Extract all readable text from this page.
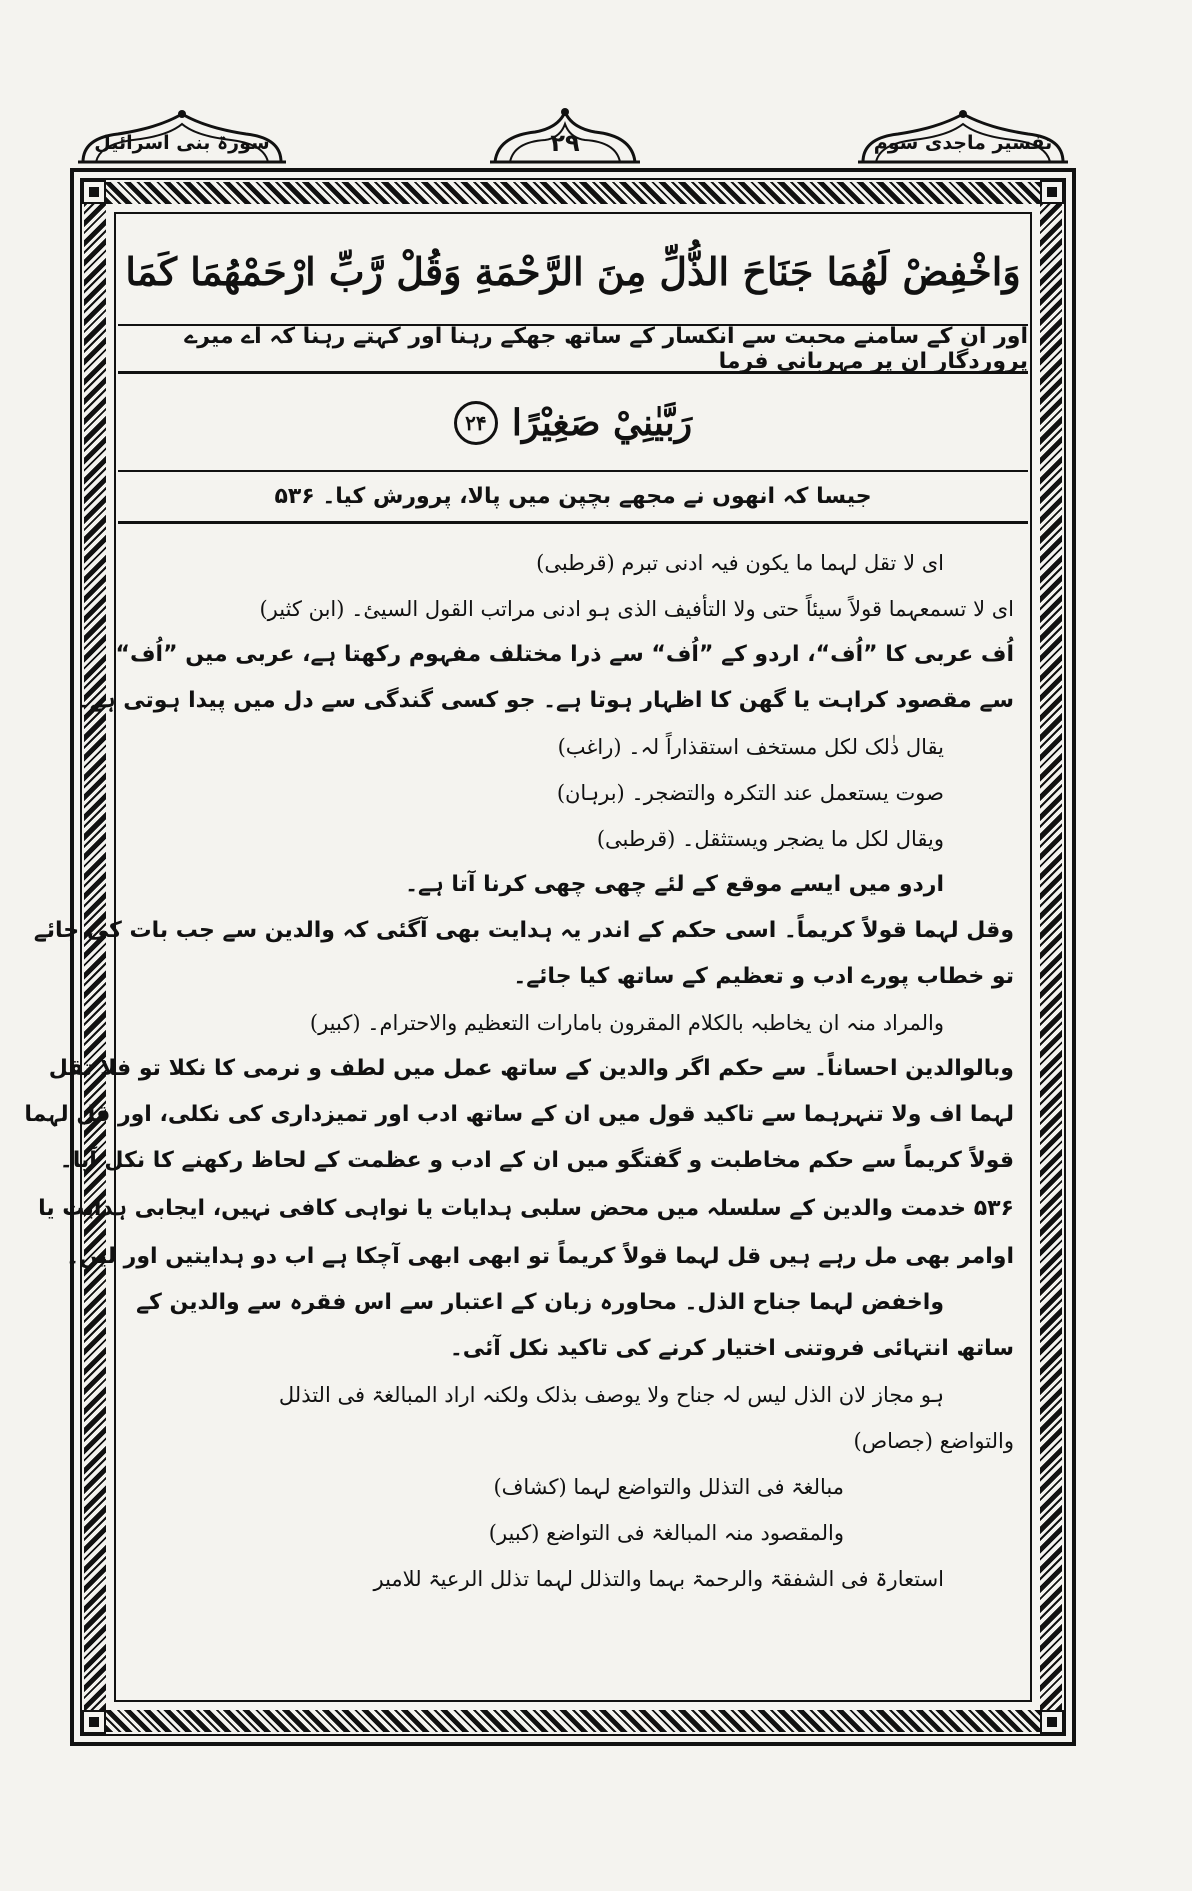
تفسیر ماجدی سوم
۲۹
سورۃ بنی اسرائیل
وَاخْفِضْ لَهُمَا جَنَاحَ الذُّلِّ مِنَ الرَّحْمَةِ وَقُلْ رَّبِّ ارْحَمْهُمَا كَمَا
اور ان کے سامنے محبت سے انکسار کے ساتھ جھکے رہنا اور کہتے رہنا کہ اے میرے پروردگار ان پر مہربانی فرما
رَبَّيٰنِيْ صَغِيْرًا
۲۴
جیسا کہ انھوں نے مجھے بچپن میں پالا، پرورش کیا۔ ۵۳۶
ای لا تقل لہما ما یکون فیہ ادنی تبرم (قرطبی)
ای لا تسمعہما قولاً سیئاً حتی ولا التأفیف الذی ہو ادنی مراتب القول السیئ۔ (ابن کثیر)
اُف عربی کا ”اُف“، اردو کے ”اُف“ سے ذرا مختلف مفہوم رکھتا ہے، عربی میں ”اُف“
سے مقصود کراہت یا گھن کا اظہار ہوتا ہے۔ جو کسی گندگی سے دل میں پیدا ہوتی ہے۔
یقال ذٰلک لکل مستخف استقذاراً لہ۔ (راغب)
صوت یستعمل عند التکرہ والتضجر۔ (برہان)
ویقال لکل ما یضجر ویستثقل۔ (قرطبی)
اردو میں ایسے موقع کے لئے چھی چھی کرنا آتا ہے۔
وقل لہما قولاً کریماً۔ اسی حکم کے اندر یہ ہدایت بھی آگئی کہ والدین سے جب بات کی جائے
تو خطاب پورے ادب و تعظیم کے ساتھ کیا جائے۔
والمراد منہ ان یخاطبہ بالکلام المقرون بامارات التعظیم والاحترام۔ (کبیر)
وبالوالدین احساناً۔ سے حکم اگر والدین کے ساتھ عمل میں لطف و نرمی کا نکلا تو فلا تقل
لہما اف ولا تنہرہما سے تاکید قول میں ان کے ساتھ ادب اور تمیزداری کی نکلی، اور قل لہما
قولاً کریماً سے حکم مخاطبت و گفتگو میں ان کے ادب و عظمت کے لحاظ رکھنے کا نکل آیا۔
۵۳۶ خدمت والدین کے سلسلہ میں محض سلبی ہدایات یا نواہی کافی نہیں، ایجابی ہدایت یا
اوامر بھی مل رہے ہیں قل لہما قولاً کریماً تو ابھی ابھی آچکا ہے اب دو ہدایتیں اور لیں۔
واخفض لہما جناح الذل۔ محاورہ زبان کے اعتبار سے اس فقرہ سے والدین کے
ساتھ انتہائی فروتنی اختیار کرنے کی تاکید نکل آئی۔
ہو مجاز لان الذل لیس لہ جناح ولا یوصف بذلک ولکنہ اراد المبالغۃ فی التذلل
والتواضع (جصاص)
مبالغۃ فی التذلل والتواضع لہما (کشاف)
والمقصود منہ المبالغۃ فی التواضع (کبیر)
استعارۃ فی الشفقۃ والرحمۃ بہما والتذلل لہما تذلل الرعیۃ للامیر
